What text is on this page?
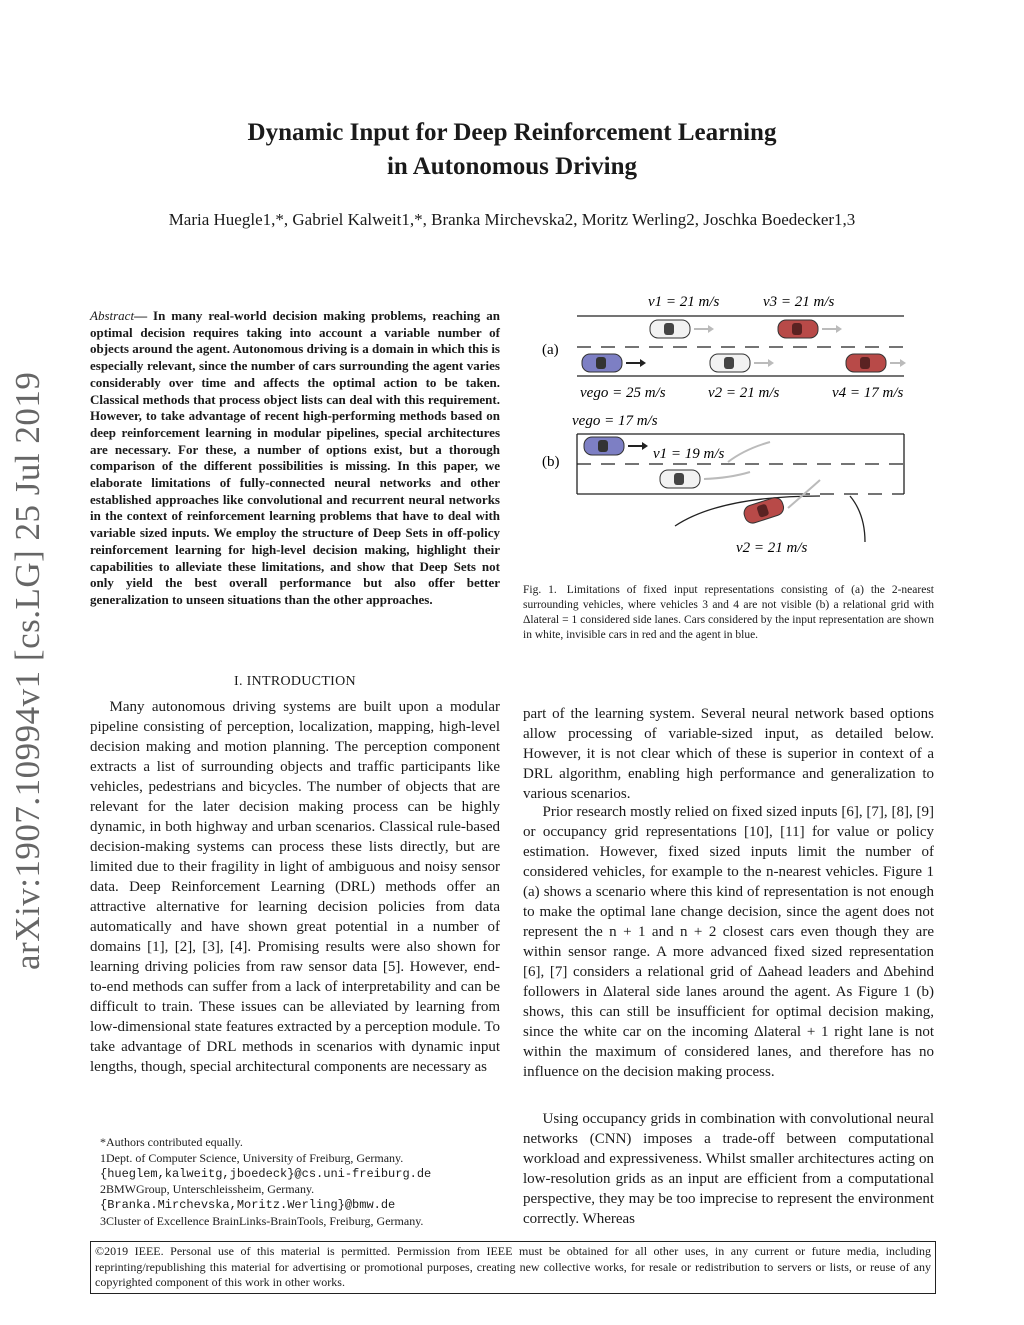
Dynamic Input for Deep Reinforcement Learning
in Autonomous Driving
Maria Huegle1,*, Gabriel Kalweit1,*, Branka Mirchevska2, Moritz Werling2, Joschka Boedecker1,3
arXiv:1907.10994v1 [cs.LG] 25 Jul 2019
Abstract— In many real-world decision making problems, reaching an optimal decision requires taking into account a variable number of objects around the agent. Autonomous driving is a domain in which this is especially relevant, since the number of cars surrounding the agent varies considerably over time and affects the optimal action to be taken. Classical methods that process object lists can deal with this requirement. However, to take advantage of recent high-performing methods based on deep reinforcement learning in modular pipelines, special architectures are necessary. For these, a number of options exist, but a thorough comparison of the different possibilities is missing. In this paper, we elaborate limitations of fully-connected neural networks and other established approaches like convolutional and recurrent neural networks in the context of reinforcement learning problems that have to deal with variable sized inputs. We employ the structure of Deep Sets in off-policy reinforcement learning for high-level decision making, highlight their capabilities to alleviate these limitations, and show that Deep Sets not only yield the best overall performance but also offer better generalization to unseen situations than the other approaches.
I. INTRODUCTION

Many autonomous driving systems are built upon a modular pipeline consisting of perception, localization, mapping, high-level decision making and motion planning. The perception component extracts a list of surrounding objects and traffic participants like vehicles, pedestrians and bicycles. The number of objects that are relevant for the later decision making process can be highly dynamic, in both highway and urban scenarios. Classical rule-based decision-making systems can process these lists directly, but are limited due to their fragility in light of ambiguous and noisy sensor data. Deep Reinforcement Learning (DRL) methods offer an attractive alternative for learning decision policies from data automatically and have shown great potential in a number of domains [1], [2], [3], [4]. Promising results were also shown for learning driving policies from raw sensor data [5]. However, end-to-end methods can suffer from a lack of interpretability and can be difficult to train. These issues can be alleviated by learning from low-dimensional state features extracted by a perception module. To take advantage of DRL methods in scenarios with dynamic input lengths, though, special architectural components are necessary as

*Authors contributed equally.
1Dept. of Computer Science, University of Freiburg, Germany.
{hueglem,kalweitg,jboedeck}@cs.uni-freiburg.de
2BMWGroup, Unterschleissheim, Germany.
{Branka.Mirchevska,Moritz.Werling}@bmw.de
3Cluster of Excellence BrainLinks-BrainTools, Freiburg, Germany.
(a)
v1 = 21 m/s	v3 = 21 m/s
vego = 25 m/s	v2 = 21 m/s	v4 = 17 m/s
(b)
vego = 17 m/s
v1 = 19 m/s
v2 = 21 m/s
Fig. 1. Limitations of fixed input representations consisting of (a) the 2-nearest surrounding vehicles, where vehicles 3 and 4 are not visible (b) a relational grid with Δlateral = 1 considered side lanes. Cars considered by the input representation are shown in white, invisible cars in red and the agent in blue.

part of the learning system. Several neural network based options allow processing of variable-sized input, as detailed below. However, it is not clear which of these is superior in context of a DRL algorithm, enabling high performance and generalization to various scenarios.

Prior research mostly relied on fixed sized inputs [6], [7], [8], [9] or occupancy grid representations [10], [11] for value or policy estimation. However, fixed sized inputs limit the number of considered vehicles, for example to the n-nearest vehicles. Figure 1 (a) shows a scenario where this kind of representation is not enough to make the optimal lane change decision, since the agent does not represent the n + 1 and n + 2 closest cars even though they are within sensor range. A more advanced fixed sized representation [6], [7] considers a relational grid of Δahead leaders and Δbehind followers in Δlateral side lanes around the agent. As Figure 1 (b) shows, this can still be insufficient for optimal decision making, since the white car on the incoming Δlateral + 1 right lane is not within the maximum of considered lanes, and therefore has no influence on the decision making process.

Using occupancy grids in combination with convolutional neural networks (CNN) imposes a trade-off between computational workload and expressiveness. Whilst smaller architectures acting on low-resolution grids as an input are efficient from a computational perspective, they may be too imprecise to represent the environment correctly. Whereas

©2019 IEEE. Personal use of this material is permitted. Permission from IEEE must be obtained for all other uses, in any current or future media, including reprinting/republishing this material for advertising or promotional purposes, creating new collective works, for resale or redistribution to servers or lists, or reuse of any copyrighted component of this work in other works.
